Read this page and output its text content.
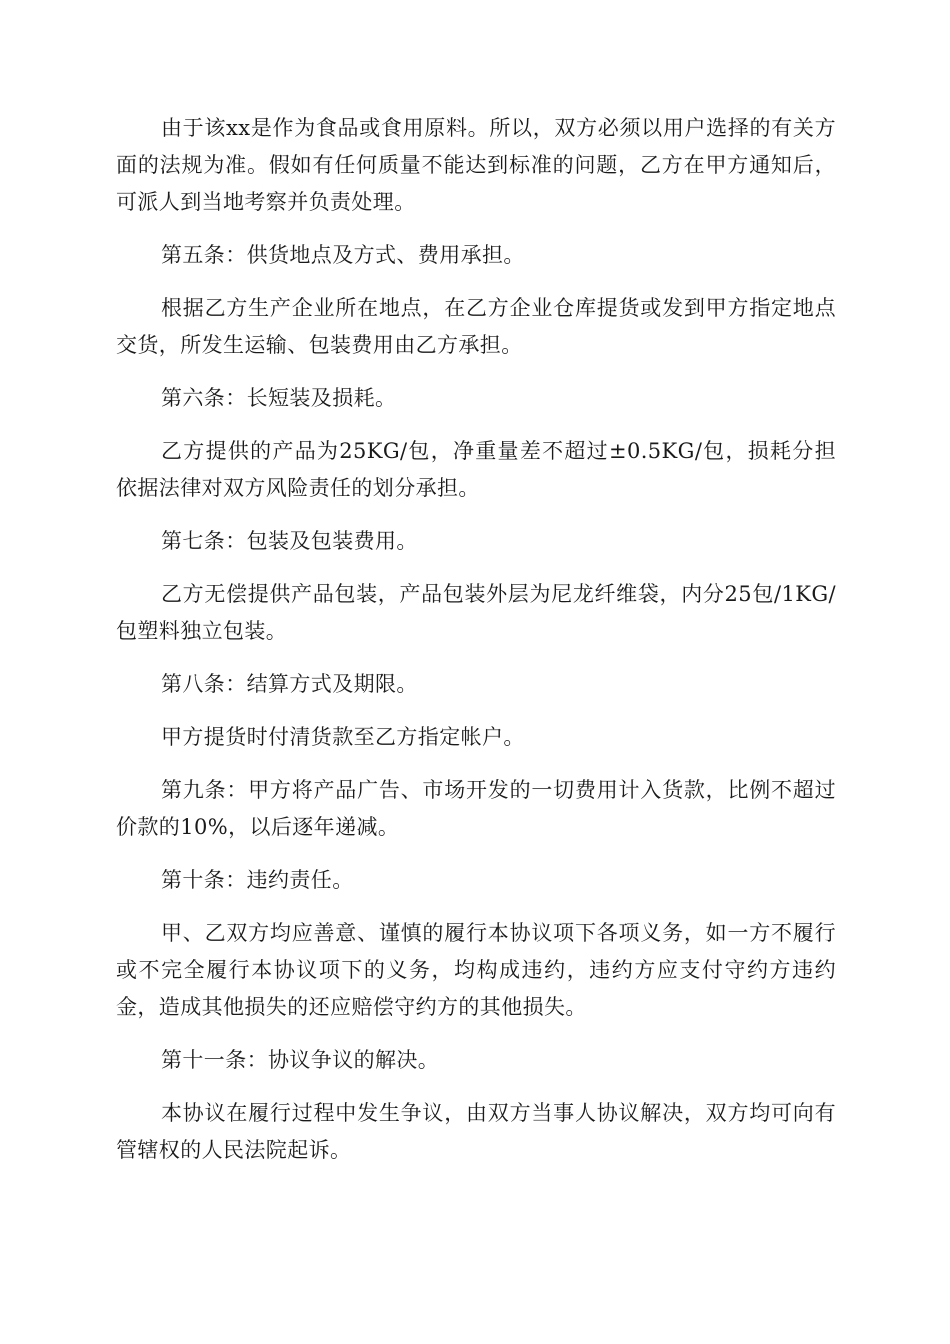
由于该xx是作为食品或食用原料。所以，双方必须以用户选择的有关方面的法规为准。假如有任何质量不能达到标准的问题，乙方在甲方通知后，可派人到当地考察并负责处理。

第五条：供货地点及方式、费用承担。

根据乙方生产企业所在地点，在乙方企业仓库提货或发到甲方指定地点交货，所发生运输、包装费用由乙方承担。

第六条：长短装及损耗。

乙方提供的产品为25KG/包，净重量差不超过±0.5KG/包，损耗分担依据法律对双方风险责任的划分承担。

第七条：包装及包装费用。

乙方无偿提供产品包装，产品包装外层为尼龙纤维袋，内分25包/1KG/包塑料独立包装。

第八条：结算方式及期限。

甲方提货时付清货款至乙方指定帐户。

第九条：甲方将产品广告、市场开发的一切费用计入货款，比例不超过价款的10%，以后逐年递减。

第十条：违约责任。

甲、乙双方均应善意、谨慎的履行本协议项下各项义务，如一方不履行或不完全履行本协议项下的义务，均构成违约，违约方应支付守约方违约金，造成其他损失的还应赔偿守约方的其他损失。

第十一条：协议争议的解决。

本协议在履行过程中发生争议，由双方当事人协议解决，双方均可向有管辖权的人民法院起诉。
